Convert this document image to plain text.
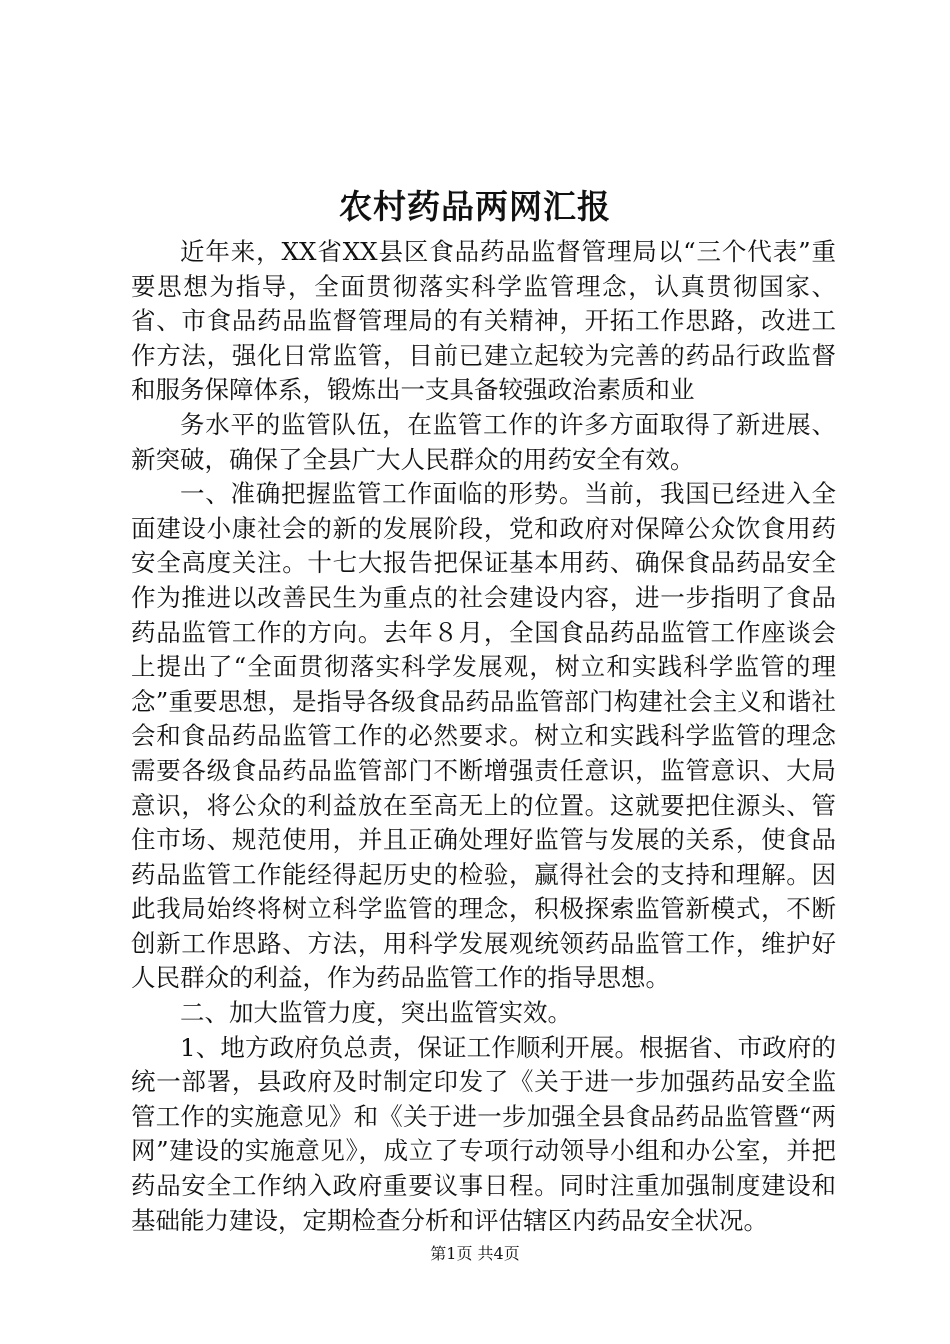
农村药品两网汇报

近年来，XX省XX县区食品药品监督管理局以“三个代表”重要思想为指导，全面贯彻落实科学监管理念，认真贯彻国家、省、市食品药品监督管理局的有关精神，开拓工作思路，改进工作方法，强化日常监管，目前已建立起较为完善的药品行政监督和服务保障体系，锻炼出一支具备较强政治素质和业

务水平的监管队伍，在监管工作的许多方面取得了新进展、新突破，确保了全县广大人民群众的用药安全有效。

一、准确把握监管工作面临的形势。当前，我国已经进入全面建设小康社会的新的发展阶段，党和政府对保障公众饮食用药安全高度关注。十七大报告把保证基本用药、确保食品药品安全作为推进以改善民生为重点的社会建设内容，进一步指明了食品药品监管工作的方向。去年８月，全国食品药品监管工作座谈会上提出了“全面贯彻落实科学发展观，树立和实践科学监管的理念”重要思想，是指导各级食品药品监管部门构建社会主义和谐社会和食品药品监管工作的必然要求。树立和实践科学监管的理念需要各级食品药品监管部门不断增强责任意识，监管意识、大局意识，将公众的利益放在至高无上的位置。这就要把住源头、管住市场、规范使用，并且正确处理好监管与发展的关系，使食品药品监管工作能经得起历史的检验，赢得社会的支持和理解。因此我局始终将树立科学监管的理念，积极探索监管新模式，不断创新工作思路、方法，用科学发展观统领药品监管工作，维护好人民群众的利益，作为药品监管工作的指导思想。

二、加大监管力度，突出监管实效。

1、地方政府负总责，保证工作顺利开展。根据省、市政府的统一部署，县政府及时制定印发了《关于进一步加强药品安全监管工作的实施意见》和《关于进一步加强全县食品药品监管暨“两网”建设的实施意见》，成立了专项行动领导小组和办公室，并把药品安全工作纳入政府重要议事日程。同时注重加强制度建设和基础能力建设，定期检查分析和评估辖区内药品安全状况。

第1页 共4页
